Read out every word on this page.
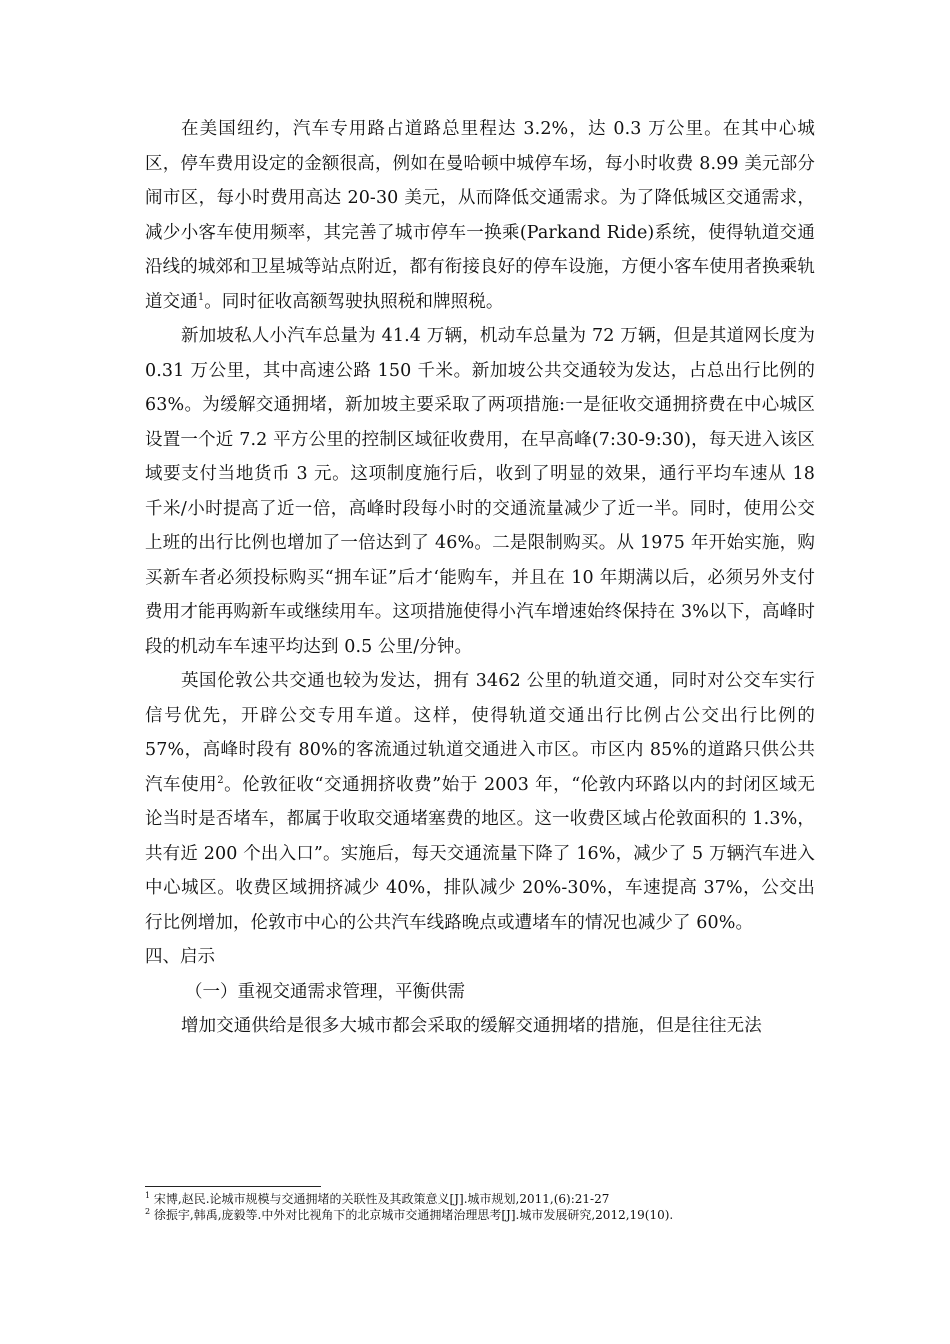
在美国纽约，汽车专用路占道路总里程达 3.2%，达 0.3 万公里。在其中心城区，停车费用设定的金额很高，例如在曼哈顿中城停车场，每小时收费 8.99 美元部分闹市区，每小时费用高达 20-30 美元，从而降低交通需求。为了降低城区交通需求，减少小客车使用频率，其完善了城市停车一换乘(Parkand Ride)系统，使得轨道交通沿线的城郊和卫星城等站点附近，都有衔接良好的停车设施，方便小客车使用者换乘轨道交通$^1$。同时征收高额驾驶执照税和牌照税。

新加坡私人小汽车总量为 41.4 万辆，机动车总量为 72 万辆，但是其道网长度为 0.31 万公里，其中高速公路 150 千米。新加坡公共交通较为发达，占总出行比例的 63%。为缓解交通拥堵，新加坡主要采取了两项措施:一是征收交通拥挤费在中心城区设置一个近 7.2 平方公里的控制区域征收费用，在早高峰(7:30-9:30)，每天进入该区域要支付当地货币 3 元。这项制度施行后，收到了明显的效果，通行平均车速从 18 千米/小时提高了近一倍，高峰时段每小时的交通流量减少了近一半。同时，使用公交上班的出行比例也增加了一倍达到了 46%。二是限制购买。从 1975 年开始实施，购买新车者必须投标购买“拥车证”后才‘能购车，并且在 10 年期满以后，必须另外支付费用才能再购新车或继续用车。这项措施使得小汽车增速始终保持在 3%以下，高峰时段的机动车车速平均达到 0.5 公里/分钟。

英国伦敦公共交通也较为发达，拥有 3462 公里的轨道交通，同时对公交车实行信号优先，开辟公交专用车道。这样，使得轨道交通出行比例占公交出行比例的 57%，高峰时段有 80%的客流通过轨道交通进入市区。市区内 85%的道路只供公共汽车使用$^2$。伦敦征收“交通拥挤收费”始于 2003 年，“伦敦内环路以内的封闭区域无论当时是否堵车，都属于收取交通堵塞费的地区。这一收费区域占伦敦面积的 1.3%，共有近 200 个出入口”。实施后，每天交通流量下降了 16%，减少了 5 万辆汽车进入中心城区。收费区域拥挤减少 40%，排队减少 20%-30%，车速提高 37%，公交出行比例增加，伦敦市中心的公共汽车线路晚点或遭堵车的情况也减少了 60%。

四、启示

（一）重视交通需求管理，平衡供需

增加交通供给是很多大城市都会采取的缓解交通拥堵的措施，但是往往无法

$^1$ 宋博,赵民.论城市规模与交通拥堵的关联性及其政策意义[J].城市规划,2011,(6):21-27
$^2$ 徐振宇,韩禹,庞毅等.中外对比视角下的北京城市交通拥堵治理思考[J].城市发展研究,2012,19(10).
